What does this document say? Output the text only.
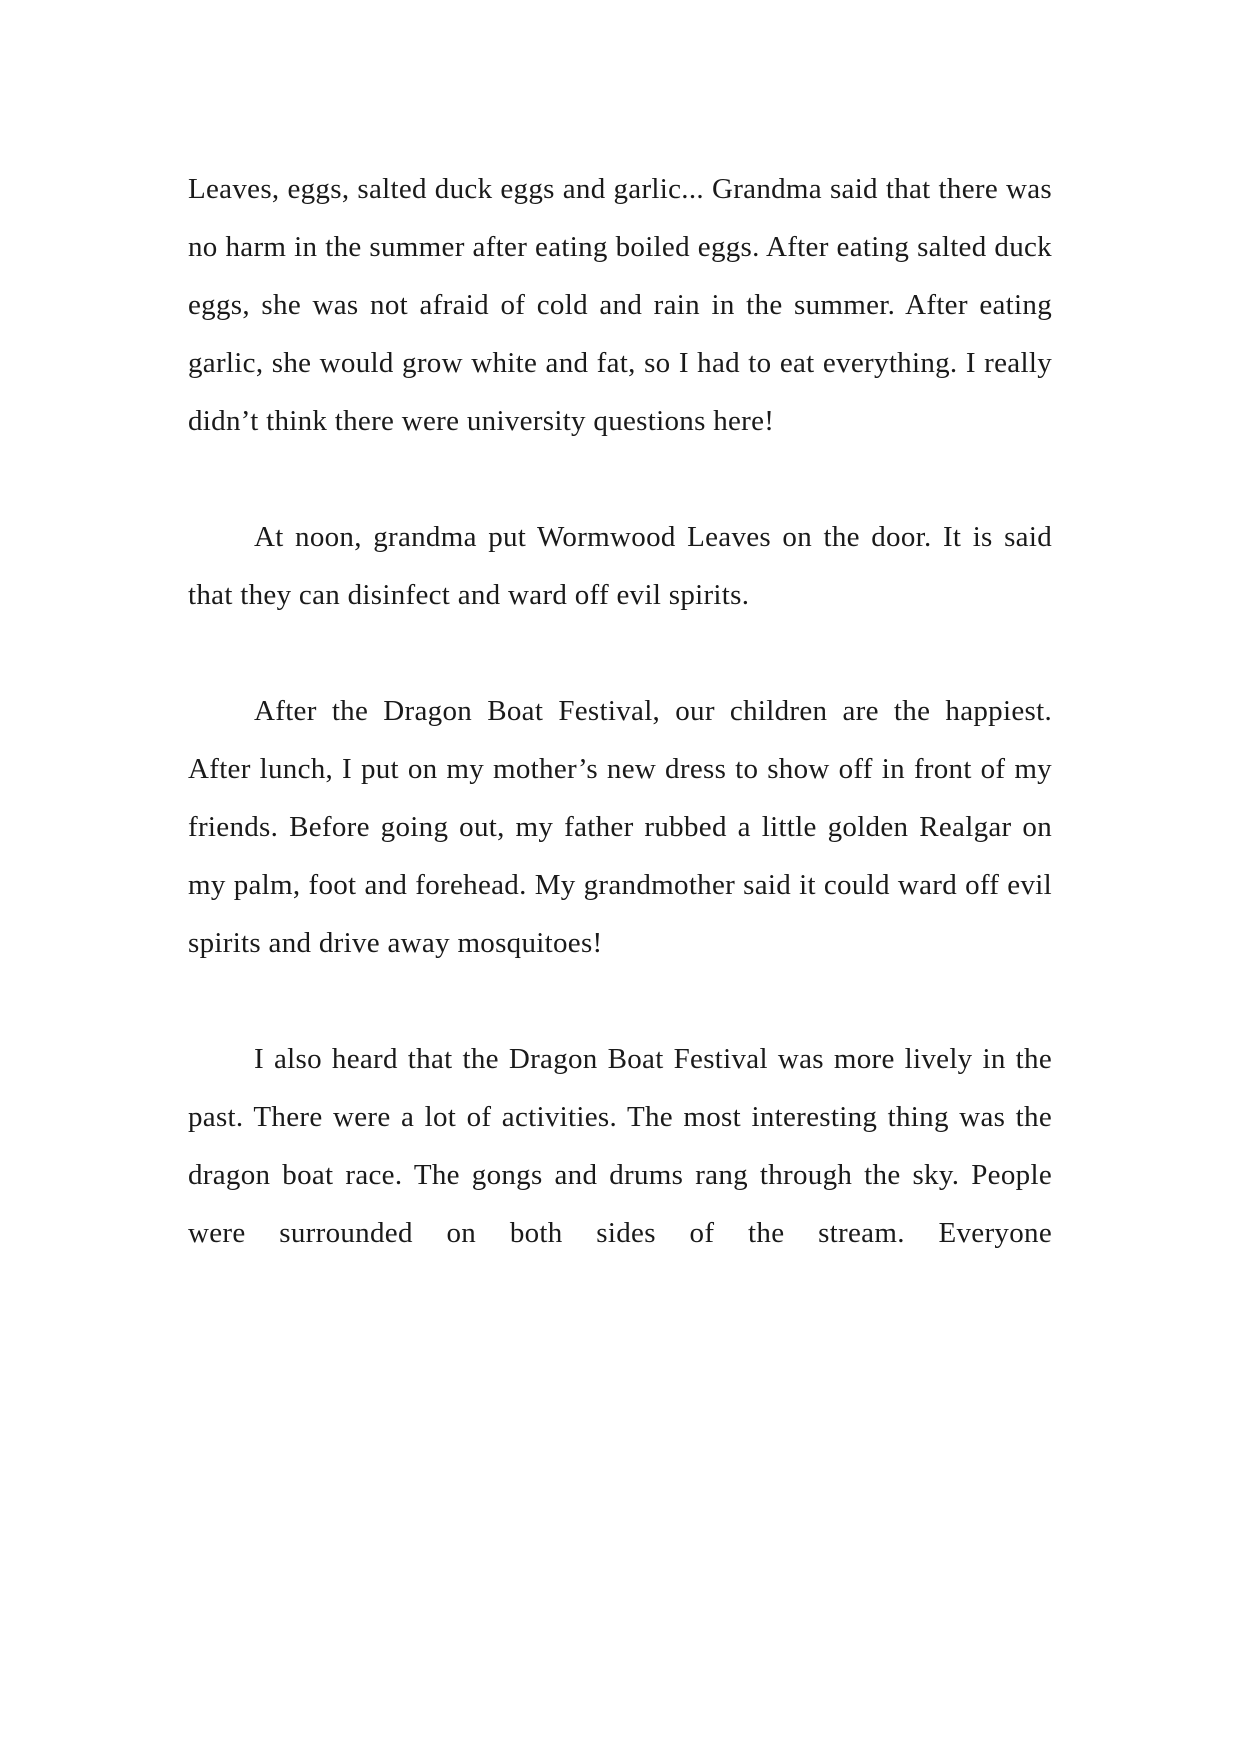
Leaves, eggs, salted duck eggs and garlic... Grandma said that there was no harm in the summer after eating boiled eggs. After eating salted duck eggs, she was not afraid of cold and rain in the summer. After eating garlic, she would grow white and fat, so I had to eat everything. I really didn’t think there were university questions here!

At noon, grandma put Wormwood Leaves on the door. It is said that they can disinfect and ward off evil spirits.

After the Dragon Boat Festival, our children are the happiest. After lunch, I put on my mother’s new dress to show off in front of my friends. Before going out, my father rubbed a little golden Realgar on my palm, foot and forehead. My grandmother said it could ward off evil spirits and drive away mosquitoes!

I also heard that the Dragon Boat Festival was more lively in the past. There were a lot of activities. The most interesting thing was the dragon boat race. The gongs and drums rang through the sky. People were surrounded on both sides of the stream. Everyone
